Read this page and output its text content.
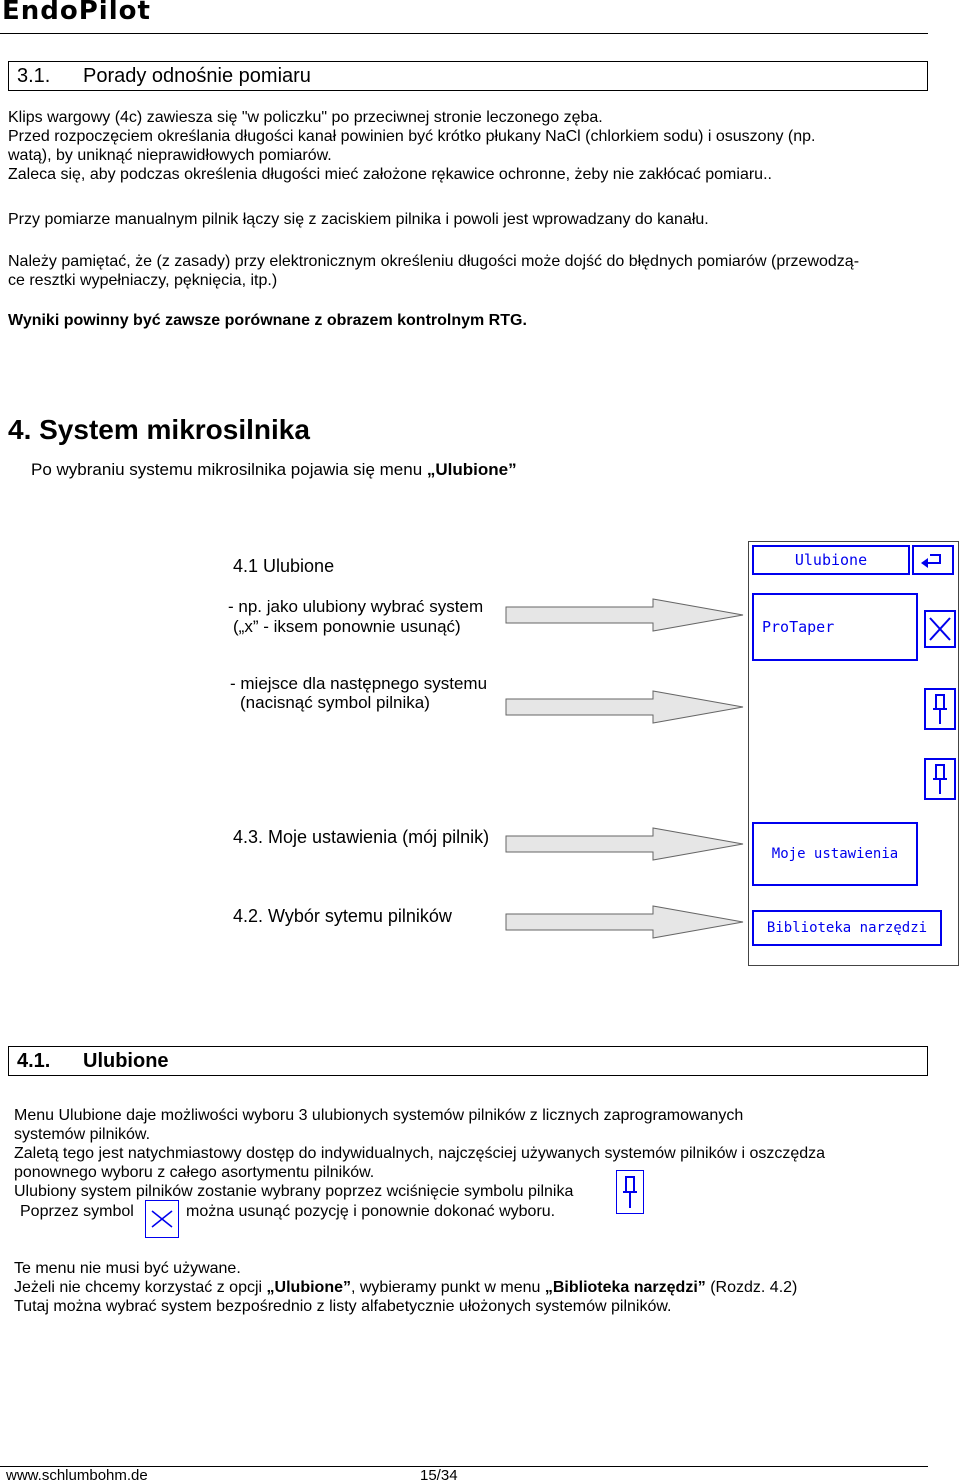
EndoPilot
3.1.	Porady odnośnie pomiaru
Klips wargowy (4c) zawiesza się "w policzku" po przeciwnej stronie leczonego zęba.
Przed rozpoczęciem określania długości kanał powinien być krótko płukany NaCl (chlorkiem sodu) i osuszony (np.
watą), by uniknąć nieprawidłowych pomiarów.
Zaleca się, aby podczas określenia długości mieć założone rękawice ochronne, żeby nie zakłócać pomiaru..
Przy pomiarze manualnym pilnik łączy się z zaciskiem pilnika i powoli jest wprowadzany do kanału.
Należy pamiętać, że (z zasady) przy elektronicznym określeniu długości może dojść do błędnych pomiarów (przewodzą-
ce resztki wypełniaczy, pęknięcia, itp.)
Wyniki powinny być zawsze porównane z obrazem kontrolnym RTG.
4. System mikrosilnika
Po wybraniu systemu mikrosilnika pojawia się menu „Ulubione”
4.1 Ulubione
- np. jako ulubiony wybrać system
(„x” - iksem ponownie usunąć)
- miejsce dla następnego systemu
(nacisnąć symbol pilnika)
4.3. Moje ustawienia (mój pilnik)
4.2. Wybór sytemu pilników
Ulubione
ProTaper
Moje ustawienia
Biblioteka narzędzi
4.1.	Ulubione
Menu Ulubione daje możliwości wyboru 3 ulubionych systemów pilników z licznych zaprogramowanych
systemów pilników.
Zaletą tego jest natychmiastowy dostęp do indywidualnych, najczęściej używanych systemów pilników i oszczędza
ponownego wyboru z całego asortymentu pilników.
Ulubiony system pilników zostanie wybrany poprzez wciśnięcie symbolu pilnika
Poprzez symbol	można usunąć pozycję i ponownie dokonać wyboru.
Te menu nie musi być używane.
Jeżeli nie chcemy korzystać z opcji „Ulubione”, wybieramy punkt w menu „Biblioteka narzędzi” (Rozdz. 4.2)
Tutaj można wybrać system bezpośrednio z listy alfabetycznie ułożonych systemów pilników.
www.schlumbohm.de	15/34
